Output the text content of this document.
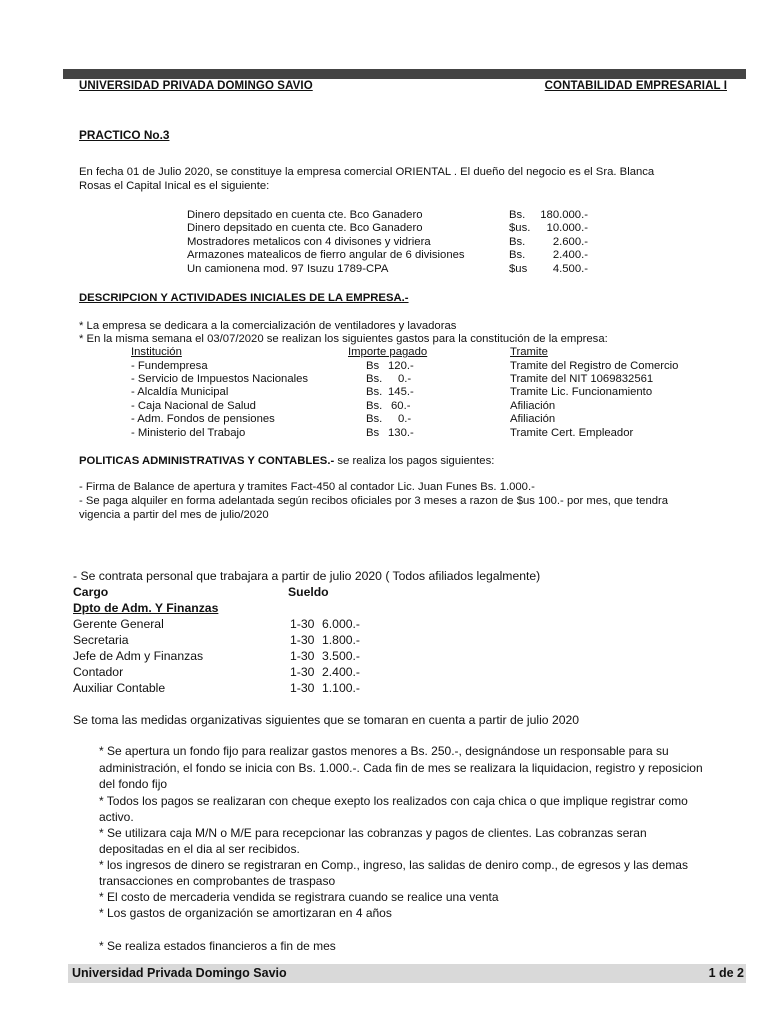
UNIVERSIDAD PRIVADA DOMINGO SAVIO	CONTABILIDAD EMPRESARIAL I
PRACTICO No.3
En fecha 01 de Julio 2020, se constituye la empresa comercial ORIENTAL . El dueño del negocio es el Sra. Blanca
Rosas el Capital Inical es el siguiente:
Dinero depsitado en cuenta cte. Bco Ganadero	Bs. 180.000.-
Dinero depsitado en cuenta cte. Bco Ganadero	$us. 10.000.-
Mostradores metalicos con 4 divisones y vidriera	Bs. 2.600.-
Armazones matealicos de fierro angular de 6 divisiones	Bs. 2.400.-
Un camionena mod. 97 Isuzu 1789-CPA	$us 4.500.-
DESCRIPCION Y ACTIVIDADES INICIALES DE LA EMPRESA.-
* La empresa se dedicara a la comercialización de ventiladores y lavadoras
* En la misma semana el 03/07/2020 se realizan los siguientes gastos para la constitución de la empresa:
Institución	Importe pagado	Tramite
- Fundempresa	Bs 120.-	Tramite del Registro de Comercio
- Servicio de Impuestos Nacionales	Bs. 0.-	Tramite del NIT 1069832561
- Alcaldía Municipal	Bs. 145.-	Tramite Lic. Funcionamiento
- Caja Nacional de Salud	Bs. 60.-	Afiliación
- Adm. Fondos de pensiones	Bs. 0.-	Afiliación
- Ministerio del Trabajo	Bs 130.-	Tramite Cert. Empleador
POLITICAS ADMINISTRATIVAS Y CONTABLES.- se realiza los pagos siguientes:
- Firma de Balance de apertura y tramites Fact-450 al contador Lic. Juan Funes Bs. 1.000.-
- Se paga alquiler en forma adelantada según recibos oficiales por 3 meses a razon de $us 100.- por mes, que tendra
vigencia a partir del mes de julio/2020
- Se contrata personal que trabajara a partir de julio 2020 ( Todos afiliados legalmente)
Cargo	Sueldo
Dpto de Adm. Y Finanzas
Gerente General	1-30 6.000.-
Secretaria	1-30 1.800.-
Jefe de Adm y Finanzas	1-30 3.500.-
Contador	1-30 2.400.-
Auxiliar Contable	1-30 1.100.-
Se toma las medidas organizativas siguientes que se tomaran en cuenta a partir de julio 2020
* Se apertura un fondo fijo para realizar gastos menores a Bs. 250.-, designándose un responsable para su
administración, el fondo se inicia con Bs. 1.000.-. Cada fin de mes se realizara la liquidacion, registro y reposicion
del fondo fijo
* Todos los pagos se realizaran con cheque exepto los realizados con caja chica o que implique registrar como
activo.
* Se utilizara caja M/N o M/E para recepcionar las cobranzas y pagos de clientes. Las cobranzas seran
depositadas en el dia al ser recibidos.
* los ingresos de dinero se registraran en Comp., ingreso, las salidas de deniro comp., de egresos y las demas
transacciones en comprobantes de traspaso
* El costo de mercaderia vendida se registrara cuando se realice una venta
* Los gastos de organización se amortizaran en 4 años
* Se realiza estados financieros a fin de mes
Universidad Privada Domingo Savio	1 de 2
